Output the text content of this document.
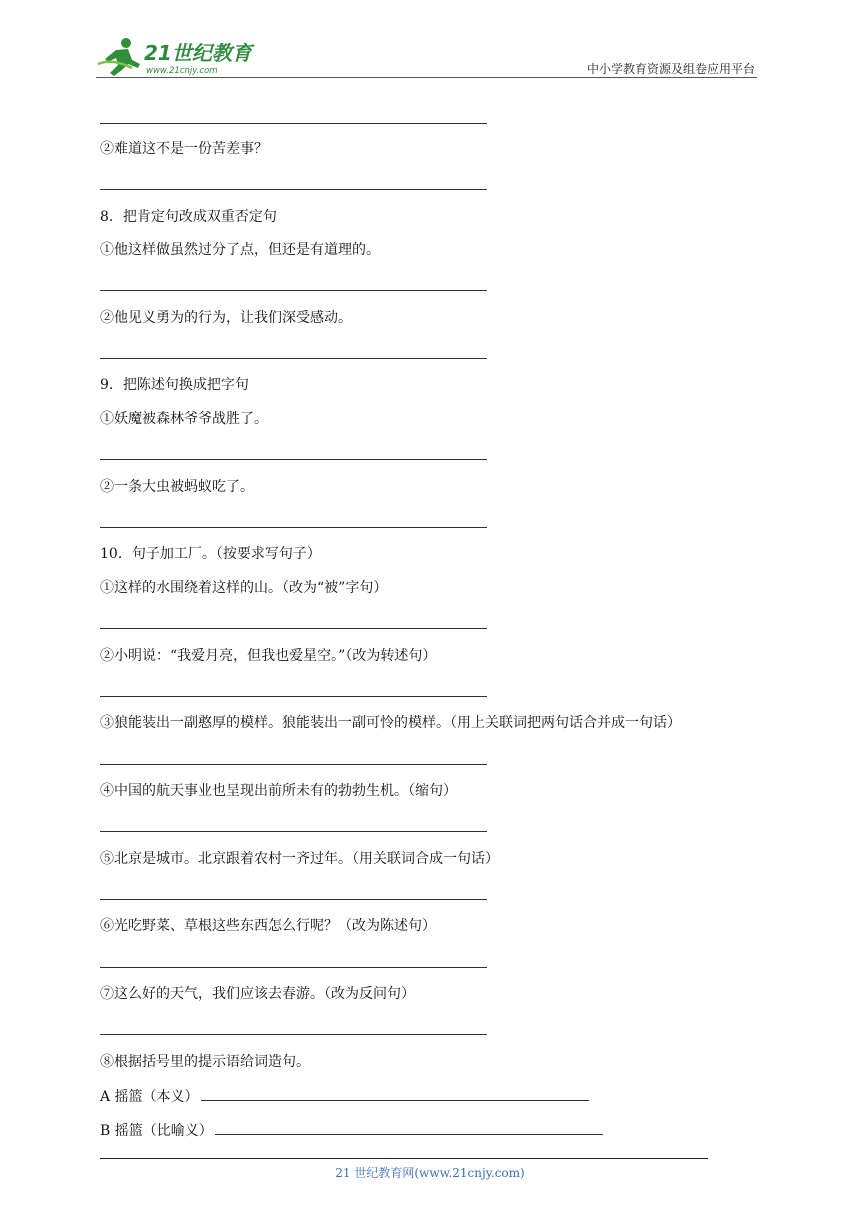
21世纪教育
www.21cnjy.com	中小学教育资源及组卷应用平台
②难道这不是一份苦差事？
8．把肯定句改成双重否定句
①他这样做虽然过分了点，但还是有道理的。
②他见义勇为的行为，让我们深受感动。
9．把陈述句换成把字句
①妖魔被森林爷爷战胜了。
②一条大虫被蚂蚁吃了。
10．句子加工厂。（按要求写句子）
①这样的水围绕着这样的山。（改为“被”字句）
②小明说：“我爱月亮，但我也爱星空。”（改为转述句）
③狼能装出一副憨厚的模样。狼能装出一副可怜的模样。（用上关联词把两句话合并成一句话）
④中国的航天事业也呈现出前所未有的勃勃生机。（缩句）
⑤北京是城市。北京跟着农村一齐过年。（用关联词合成一句话）
⑥光吃野菜、草根这些东西怎么行呢？（改为陈述句）
⑦这么好的天气，我们应该去春游。（改为反问句）
⑧根据括号里的提示语给词造句。
A 摇篮（本义）
B 摇篮（比喻义）
21 世纪教育网(www.21cnjy.com)
